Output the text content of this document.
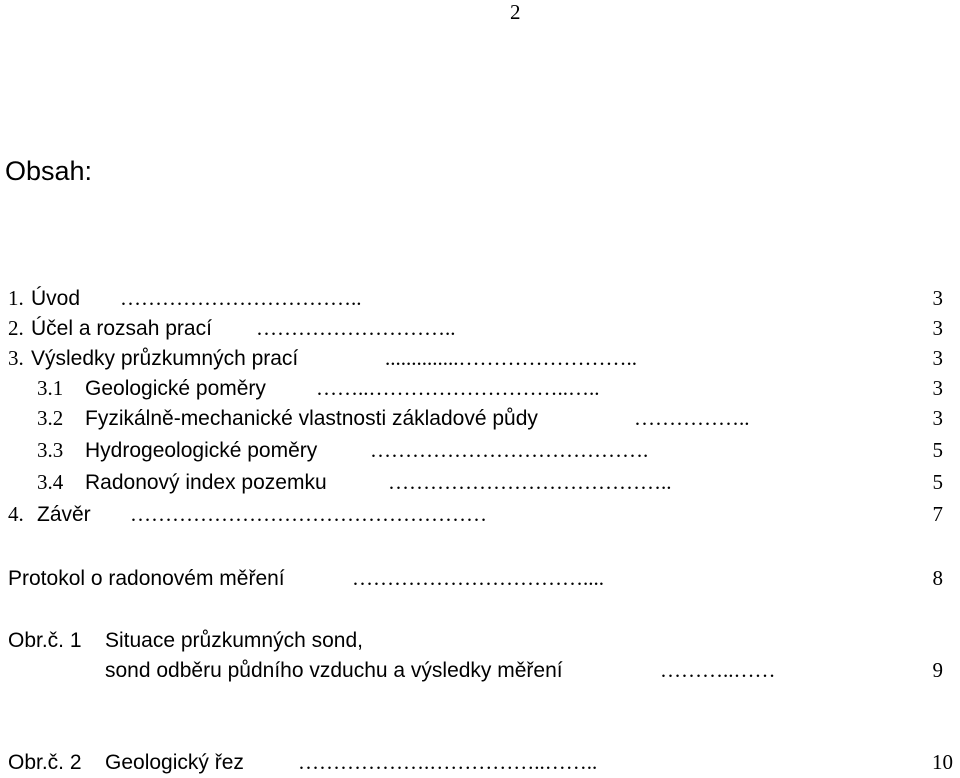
2
Obsah:
1. Úvod ……………………………..	3
2. Účel a rozsah prací ………………………..	3
3. Výsledky průzkumných prací	..............……………………..	3
3.1 Geologické poměry ……..………………………..…..	3
3.2 Fyzikálně-mechanické vlastnosti základové půdy	……………..	3
3.3 Hydrogeologické poměry	………………………………….	5
3.4 Radonový index pozemku	…………………………………..	5
4. Závěr ……………………………………………	7
Protokol o radonovém měření	……………………………....	8
Obr.č. 1 Situace průzkumných sond,
sond odběru půdního vzduchu a výsledky měření	………..……	9
Obr.č. 2 Geologický řez	……………….……………..……..	10
